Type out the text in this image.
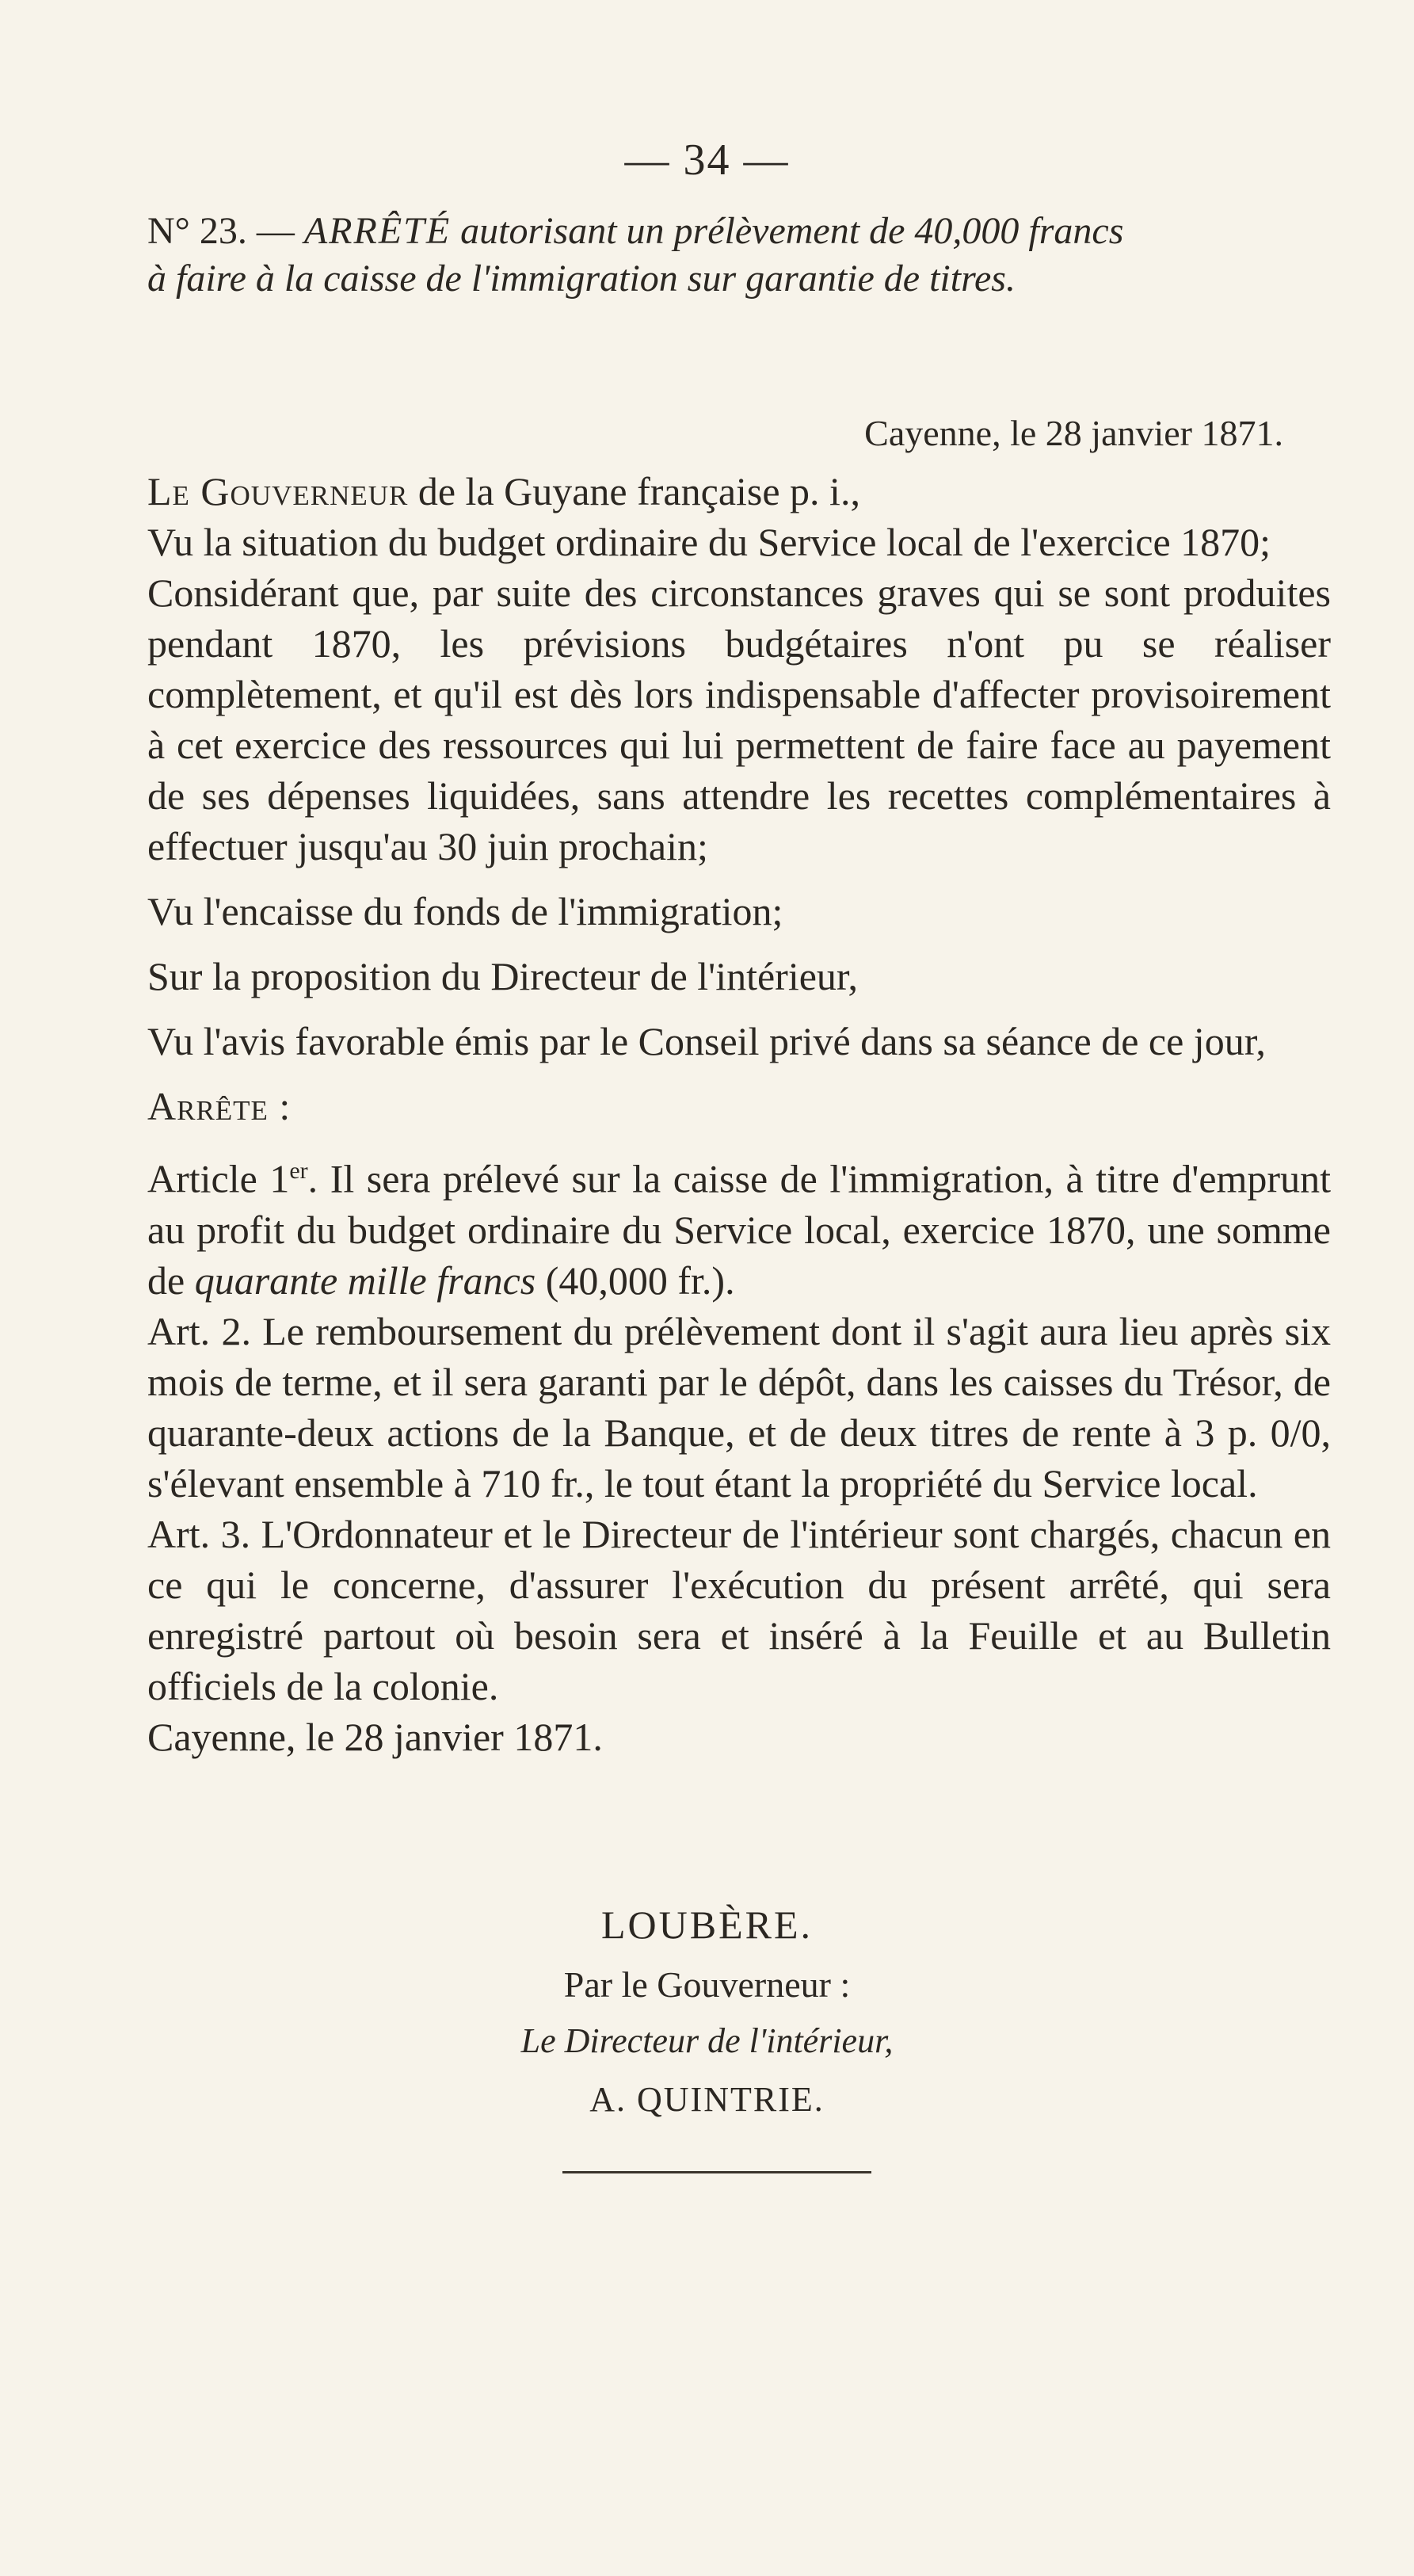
— 34 —
N° 23. — ARRÊTÉ autorisant un prélèvement de 40,000 francs
à faire à la caisse de l'immigration sur garantie de titres.
Cayenne, le 28 janvier 1871.

Le Gouverneur de la Guyane française p. i.,

Vu la situation du budget ordinaire du Service local de l'exercice 1870;

Considérant que, par suite des circonstances graves qui se sont produites pendant 1870, les prévisions budgétaires n'ont pu se réaliser complètement, et qu'il est dès lors indispensable d'affecter provisoirement à cet exercice des ressources qui lui permettent de faire face au payement de ses dépenses liquidées, sans attendre les recettes complémentaires à effectuer jusqu'au 30 juin prochain;

Vu l'encaisse du fonds de l'immigration;

Sur la proposition du Directeur de l'intérieur,

Vu l'avis favorable émis par le Conseil privé dans sa séance de ce jour,

Arrête :

Article 1er. Il sera prélevé sur la caisse de l'immigration, à titre d'emprunt au profit du budget ordinaire du Service local, exercice 1870, une somme de quarante mille francs (40,000 fr.).

Art. 2. Le remboursement du prélèvement dont il s'agit aura lieu après six mois de terme, et il sera garanti par le dépôt, dans les caisses du Trésor, de quarante-deux actions de la Banque, et de deux titres de rente à 3 p. 0/0, s'élevant ensemble à 710 fr., le tout étant la propriété du Service local.

Art. 3. L'Ordonnateur et le Directeur de l'intérieur sont chargés, chacun en ce qui le concerne, d'assurer l'exécution du présent arrêté, qui sera enregistré partout où besoin sera et inséré à la Feuille et au Bulletin officiels de la colonie.

Cayenne, le 28 janvier 1871.

LOUBÈRE.
Par le Gouverneur :
Le Directeur de l'intérieur,
A. QUINTRIE.
